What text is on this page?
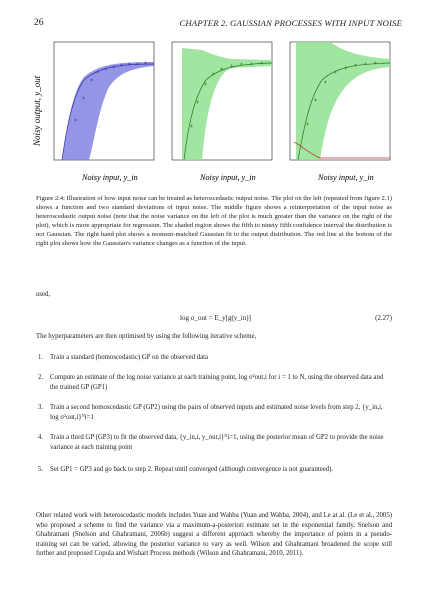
26	CHAPTER 2. GAUSSIAN PROCESSES WITH INPUT NOISE
Noisy output, y_out
Noisy input, y_in	Noisy input, y_in	Noisy input, y_in
Figure 2.4: Illustration of how input noise can be treated as heteroscedastic output noise. The plot on the left (repeated from figure 2.1) shows a function and two standard deviations of input noise. The middle figure shows a reinterpretation of the input noise as heteroscedastic output noise (note that the noise variance on the left of the plot is much greater than the variance on the right of the plot), which is more appropriate for regression. The shaded region shows the fifth to ninety fifth confidence interval the distribution is not Gaussian. The right hand plot shows a moment-matched Gaussian fit to the output distribution. The red line at the bottom of the right plot shows how the Gaussian's variance changes as a function of the input.
used,
log σ_out = E_y[g(y_in)]	(2.27)
The hyperparameters are then optimised by using the following iterative scheme,
1. Train a standard (homoscedastic) GP on the observed data
2. Compute an estimate of the log noise variance at each training point, log σ²out,i for i = 1 to N, using the observed data and the trained GP (GP1)
3. Train a second homoscedastic GP (GP2) using the pairs of observed inputs and estimated noise levels from step 2, {y_in,i, log σ²out,i}ᴺi=1
4. Train a third GP (GP3) to fit the observed data, {y_in,i, y_out,i}ᴺi=1, using the posterior mean of GP2 to provide the noise variance at each training point
5. Set GP1 = GP3 and go back to step 2. Repeat until converged (although convergence is not guaranteed).
Other related work with heteroscedastic models includes Yuan and Wahba (Yuan and Wahba, 2004), and Le at al. (Le et al., 2005) who proposed a scheme to find the variance via a maximum-a-posteriori estimate set in the exponential family. Snelson and Ghahramani (Snelson and Ghahramani, 2006b) suggest a different approach whereby the importance of points in a pseudo-training set can be varied, allowing the posterior variance to vary as well. Wilson and Ghahramani broadened the scope still further and proposed Copula and Wishart Process methods (Wilson and Ghahramani, 2010, 2011).
